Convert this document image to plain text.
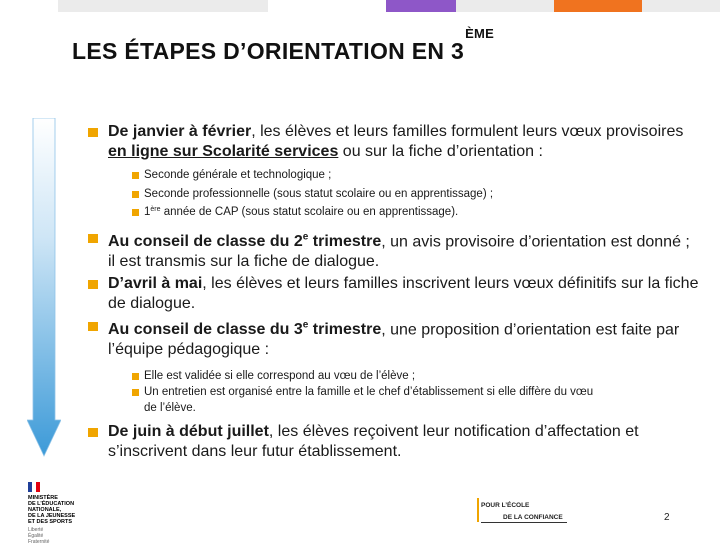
LES ÉTAPES D’ORIENTATION EN 3ÈME

De janvier à février, les élèves et leurs familles formulent leurs vœux provisoires en ligne sur Scolarité services ou sur la fiche d’orientation :

Seconde générale et technologique ;
Seconde professionnelle (sous statut scolaire ou en apprentissage) ;
1ère année de CAP (sous statut scolaire ou en apprentissage).

Au conseil de classe du 2e trimestre, un avis provisoire d’orientation est donné ; il est transmis sur la fiche de dialogue.

D’avril à mai, les élèves et leurs familles inscrivent leurs vœux définitifs sur la fiche de dialogue.

Au conseil de classe du 3e trimestre, une proposition d’orientation est faite par l’équipe pédagogique :

Elle est validée si elle correspond au vœu de l’élève ;
Un entretien est organisé entre la famille et le chef d’établissement si elle diffère du vœu
de l’élève.

De juin à début juillet, les élèves reçoivent leur notification d’affectation et s’inscrivent dans leur futur établissement.

MINISTÈRE
DE L’ÉDUCATION
NATIONALE,
DE LA JEUNESSE
ET DES SPORTS
Liberté
Égalité
Fraternité
POUR L’ÉCOLE
DE LA CONFIANCE	2
